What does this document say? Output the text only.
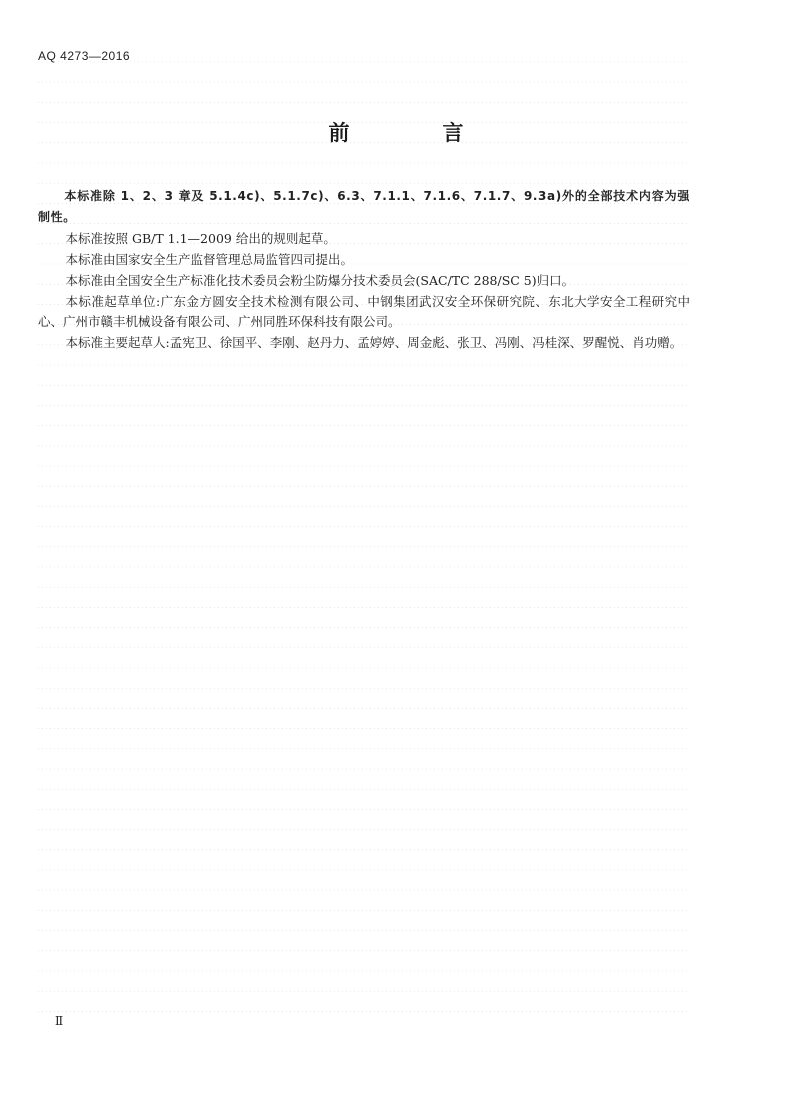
AQ 4273—2016
前　言

本标准除 1、2、3 章及 5.1.4c)、5.1.7c)、6.3、7.1.1、7.1.6、7.1.7、9.3a)外的全部技术内容为强制性。

本标准按照 GB/T 1.1—2009 给出的规则起草。

本标准由国家安全生产监督管理总局监管四司提出。

本标准由全国安全生产标准化技术委员会粉尘防爆分技术委员会(SAC/TC 288/SC 5)归口。

本标准起草单位:广东金方圆安全技术检测有限公司、中钢集团武汉安全环保研究院、东北大学安全工程研究中心、广州市赣丰机械设备有限公司、广州同胜环保科技有限公司。

本标准主要起草人:孟宪卫、徐国平、李刚、赵丹力、孟婷婷、周金彪、张卫、冯刚、冯桂深、罗醒悦、肖功赠。

Ⅱ
